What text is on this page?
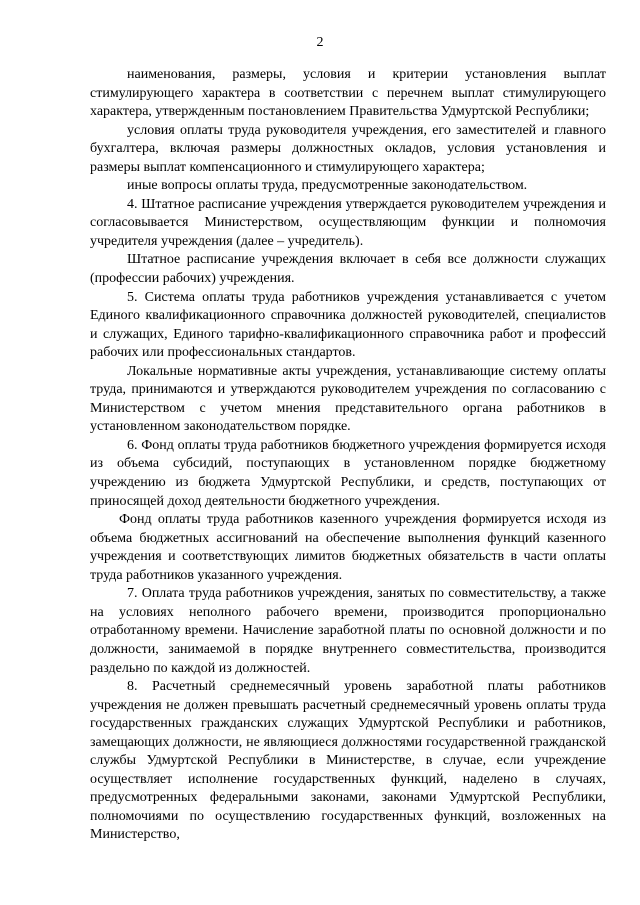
2

наименования, размеры, условия и критерии установления выплат стимулирующего характера в соответствии с перечнем выплат стимулирующего характера, утвержденным постановлением Правительства Удмуртской Республики;

условия оплаты труда руководителя учреждения, его заместителей и главного бухгалтера, включая размеры должностных окладов, условия установления и размеры выплат компенсационного и стимулирующего характера;

иные вопросы оплаты труда, предусмотренные законодательством.

4. Штатное расписание учреждения утверждается руководителем учреждения и согласовывается Министерством, осуществляющим функции и полномочия учредителя учреждения (далее – учредитель).

Штатное расписание учреждения включает в себя все должности служащих (профессии рабочих) учреждения.

5. Система оплаты труда работников учреждения устанавливается с учетом Единого квалификационного справочника должностей руководителей, специалистов и служащих, Единого тарифно-квалификационного справочника работ и профессий рабочих или профессиональных стандартов.

Локальные нормативные акты учреждения, устанавливающие систему оплаты труда, принимаются и утверждаются руководителем учреждения по согласованию с Министерством с учетом мнения представительного органа работников в установленном законодательством порядке.

6. Фонд оплаты труда работников бюджетного учреждения формируется исходя из объема субсидий, поступающих в установленном порядке бюджетному учреждению из бюджета Удмуртской Республики, и средств, поступающих от приносящей доход деятельности бюджетного учреждения.

Фонд оплаты труда работников казенного учреждения формируется исходя из объема бюджетных ассигнований на обеспечение выполнения функций казенного учреждения и соответствующих лимитов бюджетных обязательств в части оплаты труда работников указанного учреждения.

7. Оплата труда работников учреждения, занятых по совместительству, а также на условиях неполного рабочего времени, производится пропорционально отработанному времени. Начисление заработной платы по основной должности и по должности, занимаемой в порядке внутреннего совместительства, производится раздельно по каждой из должностей.

8. Расчетный среднемесячный уровень заработной платы работников учреждения не должен превышать расчетный среднемесячный уровень оплаты труда государственных гражданских служащих Удмуртской Республики и работников, замещающих должности, не являющиеся должностями государственной гражданской службы Удмуртской Республики в Министерстве, в случае, если учреждение осуществляет исполнение государственных функций, наделено в случаях, предусмотренных федеральными законами, законами Удмуртской Республики, полномочиями по осуществлению государственных функций, возложенных на Министерство,
